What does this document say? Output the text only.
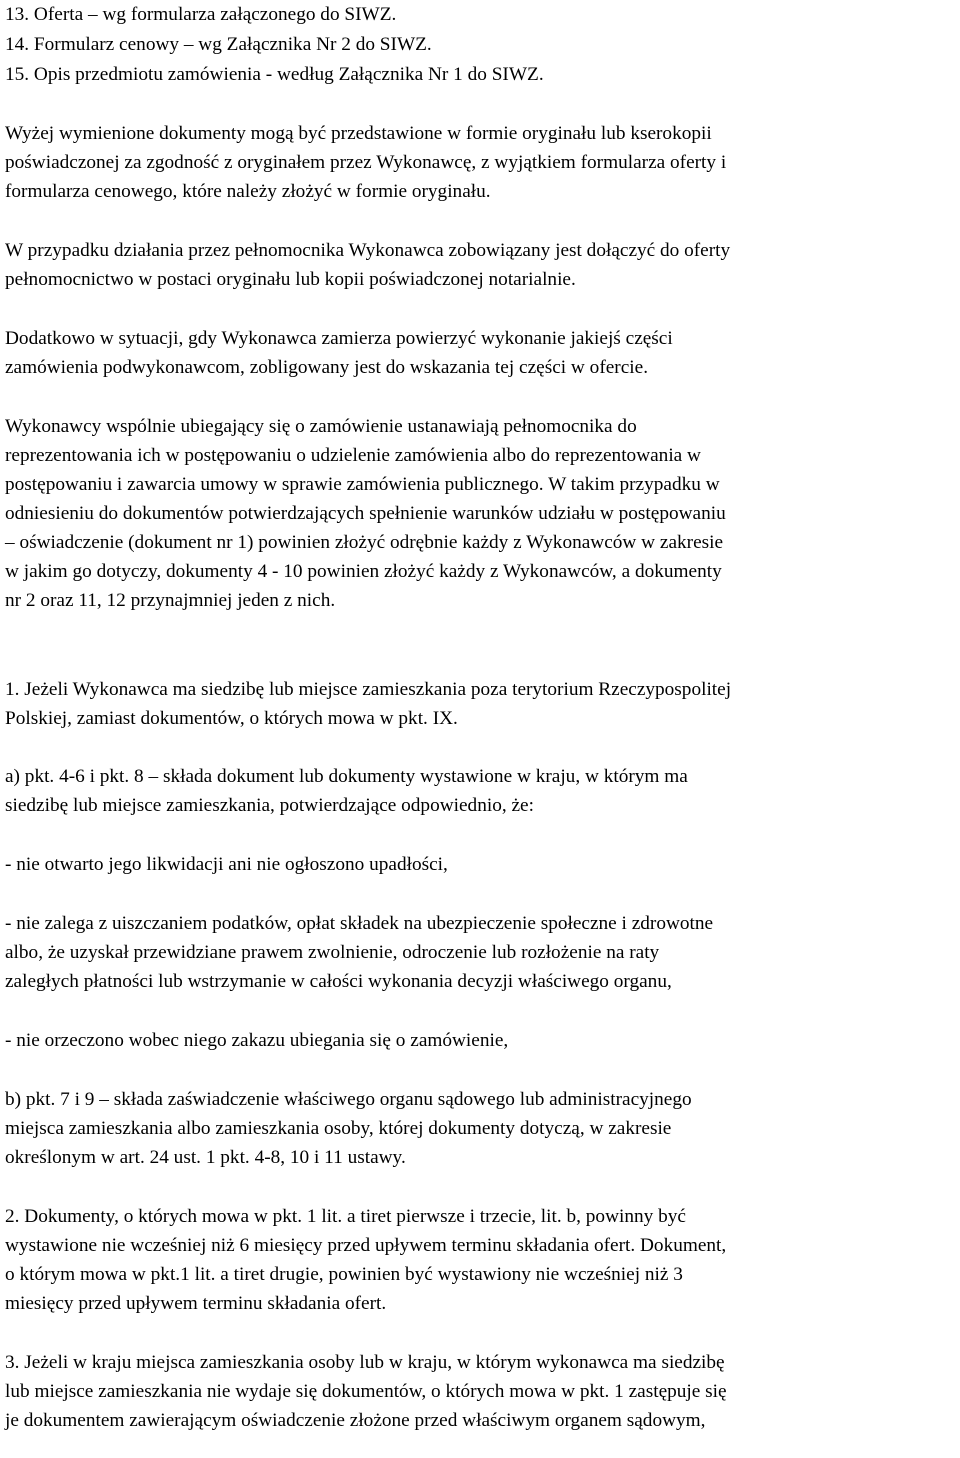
13. Oferta – wg formularza załączonego do SIWZ.
14. Formularz cenowy – wg Załącznika Nr 2 do SIWZ.
15. Opis przedmiotu zamówienia - według Załącznika Nr 1 do SIWZ.
Wyżej wymienione dokumenty mogą być przedstawione w formie oryginału lub kserokopii
poświadczonej za zgodność z oryginałem przez Wykonawcę, z wyjątkiem formularza oferty i
formularza cenowego, które należy złożyć w formie oryginału.
W przypadku działania przez pełnomocnika Wykonawca zobowiązany jest dołączyć do oferty
pełnomocnictwo w postaci oryginału lub kopii poświadczonej notarialnie.
Dodatkowo w sytuacji, gdy Wykonawca zamierza powierzyć wykonanie jakiejś części
zamówienia podwykonawcom, zobligowany jest do wskazania tej części w ofercie.
Wykonawcy wspólnie ubiegający się o zamówienie ustanawiają pełnomocnika do
reprezentowania ich w postępowaniu o udzielenie zamówienia albo do reprezentowania w
postępowaniu i zawarcia umowy w sprawie zamówienia publicznego. W takim przypadku w
odniesieniu do dokumentów potwierdzających spełnienie warunków udziału w postępowaniu
– oświadczenie (dokument nr 1) powinien złożyć odrębnie każdy z Wykonawców w zakresie
w jakim go dotyczy, dokumenty 4 - 10 powinien złożyć każdy z Wykonawców, a dokumenty
nr 2 oraz 11, 12 przynajmniej jeden z nich.
1. Jeżeli Wykonawca ma siedzibę lub miejsce zamieszkania poza terytorium Rzeczypospolitej
Polskiej, zamiast dokumentów, o których mowa w pkt. IX.
a) pkt. 4-6 i pkt. 8 – składa dokument lub dokumenty wystawione w kraju, w którym ma
siedzibę lub miejsce zamieszkania, potwierdzające odpowiednio, że:
- nie otwarto jego likwidacji ani nie ogłoszono upadłości,
- nie zalega z uiszczaniem podatków, opłat składek na ubezpieczenie społeczne i zdrowotne
albo, że uzyskał przewidziane prawem zwolnienie, odroczenie lub rozłożenie na raty
zaległych płatności lub wstrzymanie w całości wykonania decyzji właściwego organu,
- nie orzeczono wobec niego zakazu ubiegania się o zamówienie,
b) pkt. 7 i 9 – składa zaświadczenie właściwego organu sądowego lub administracyjnego
miejsca zamieszkania albo zamieszkania osoby, której dokumenty dotyczą, w zakresie
określonym w art. 24 ust. 1 pkt. 4-8, 10 i 11 ustawy.
2. Dokumenty, o których mowa w pkt. 1 lit. a tiret pierwsze i trzecie, lit. b, powinny być
wystawione nie wcześniej niż 6 miesięcy przed upływem terminu składania ofert. Dokument,
o którym mowa w pkt.1 lit. a tiret drugie, powinien być wystawiony nie wcześniej niż 3
miesięcy przed upływem terminu składania ofert.
3. Jeżeli w kraju miejsca zamieszkania osoby lub w kraju, w którym wykonawca ma siedzibę
lub miejsce zamieszkania nie wydaje się dokumentów, o których mowa w pkt. 1 zastępuje się
je dokumentem zawierającym oświadczenie złożone przed właściwym organem sądowym,
